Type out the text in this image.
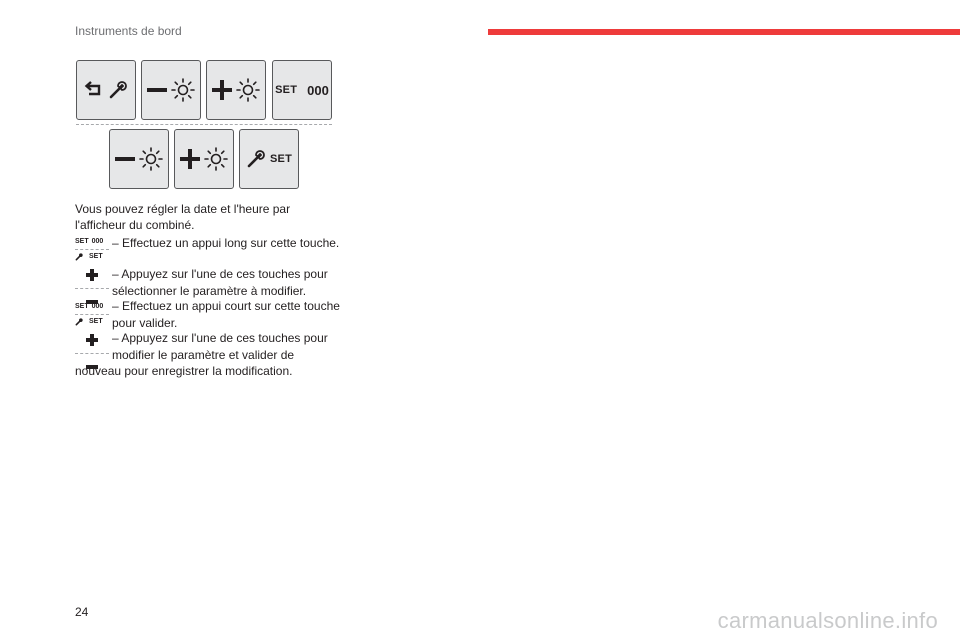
Instruments de bord
SET 000
SET
Vous pouvez régler la date et l'heure par l'afficheur du combiné.
SET 000
SET
– Effectuez un appui long sur cette touche.
– Appuyez sur l'une de ces touches pour sélectionner le paramètre à modifier.
SET 000
SET
– Effectuez un appui court sur cette touche pour valider.
– Appuyez sur l'une de ces touches pour modifier le paramètre et valider de
nouveau pour enregistrer la modification.
24	carmanualsonline.info
